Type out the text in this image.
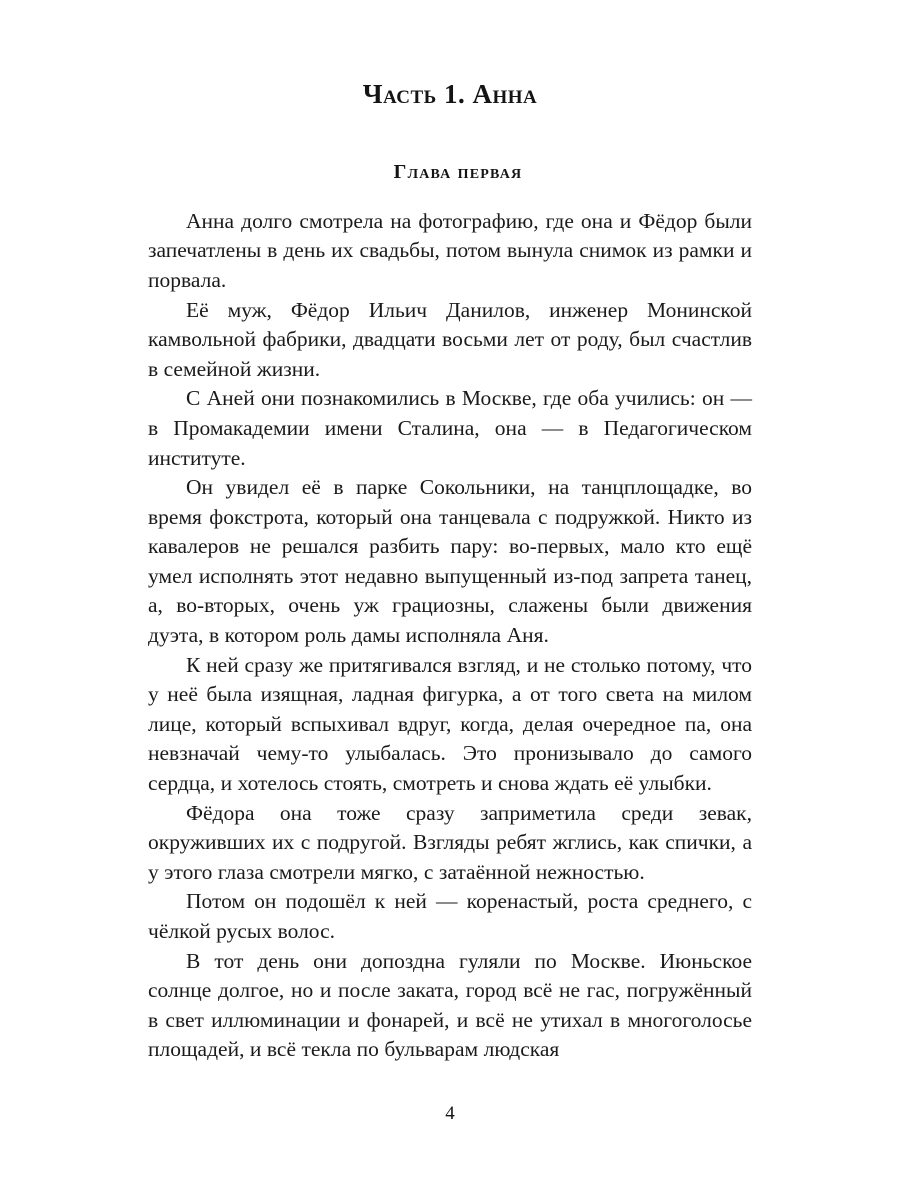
Часть 1. Анна
Глава первая

Анна долго смотрела на фотографию, где она и Фёдор были запечатлены в день их свадьбы, потом вынула снимок из рамки и порвала.

Её муж, Фёдор Ильич Данилов, инженер Монинской камвольной фабрики, двадцати восьми лет от роду, был счастлив в семейной жизни.

С Аней они познакомились в Москве, где оба учились: он — в Промакадемии имени Сталина, она — в Педагогическом институте.

Он увидел её в парке Сокольники, на танцплощадке, во время фокстрота, который она танцевала с подружкой. Никто из кавалеров не решался разбить пару: во-первых, мало кто ещё умел исполнять этот недавно выпущенный из-под запрета танец, а, во-вторых, очень уж грациозны, слажены были движения дуэта, в котором роль дамы исполняла Аня.

К ней сразу же притягивался взгляд, и не столько потому, что у неё была изящная, ладная фигурка, а от того света на милом лице, который вспыхивал вдруг, когда, делая очередное па, она невзначай чему-то улыбалась. Это пронизывало до самого сердца, и хотелось стоять, смотреть и снова ждать её улыбки.

Фёдора она тоже сразу заприметила среди зевак, окруживших их с подругой. Взгляды ребят жглись, как спички, а у этого глаза смотрели мягко, с затаённой нежностью.

Потом он подошёл к ней — коренастый, роста среднего, с чёлкой русых волос.

В тот день они допоздна гуляли по Москве. Июньское солнце долгое, но и после заката, город всё не гас, погружённый в свет иллюминации и фонарей, и всё не утихал в многоголосье площадей, и всё текла по бульварам людская

4
